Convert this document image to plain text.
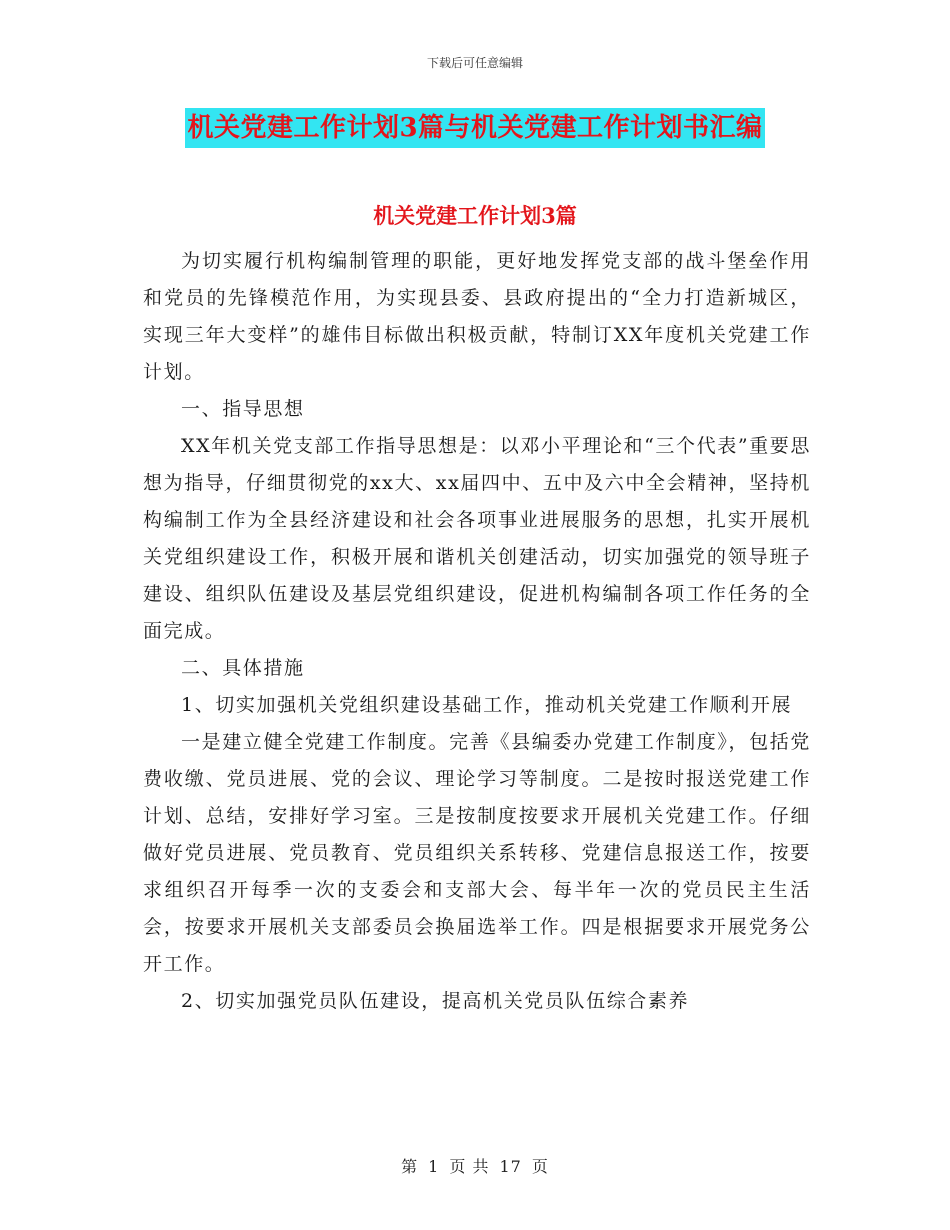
下载后可任意编辑
机关党建工作计划3篇与机关党建工作计划书汇编
机关党建工作计划3篇

为切实履行机构编制管理的职能，更好地发挥党支部的战斗堡垒作用和党员的先锋模范作用，为实现县委、县政府提出的“全力打造新城区，实现三年大变样”的雄伟目标做出积极贡献，特制订XX年度机关党建工作计划。

一、指导思想

XX年机关党支部工作指导思想是：以邓小平理论和“三个代表”重要思想为指导，仔细贯彻党的xx大、xx届四中、五中及六中全会精神，坚持机构编制工作为全县经济建设和社会各项事业进展服务的思想，扎实开展机关党组织建设工作，积极开展和谐机关创建活动，切实加强党的领导班子建设、组织队伍建设及基层党组织建设，促进机构编制各项工作任务的全面完成。

二、具体措施

1、切实加强机关党组织建设基础工作，推动机关党建工作顺利开展

一是建立健全党建工作制度。完善《县编委办党建工作制度》，包括党费收缴、党员进展、党的会议、理论学习等制度。二是按时报送党建工作计划、总结，安排好学习室。三是按制度按要求开展机关党建工作。仔细做好党员进展、党员教育、党员组织关系转移、党建信息报送工作，按要求组织召开每季一次的支委会和支部大会、每半年一次的党员民主生活会，按要求开展机关支部委员会换届选举工作。四是根据要求开展党务公开工作。

2、切实加强党员队伍建设，提高机关党员队伍综合素养

第 1 页 共 17 页
